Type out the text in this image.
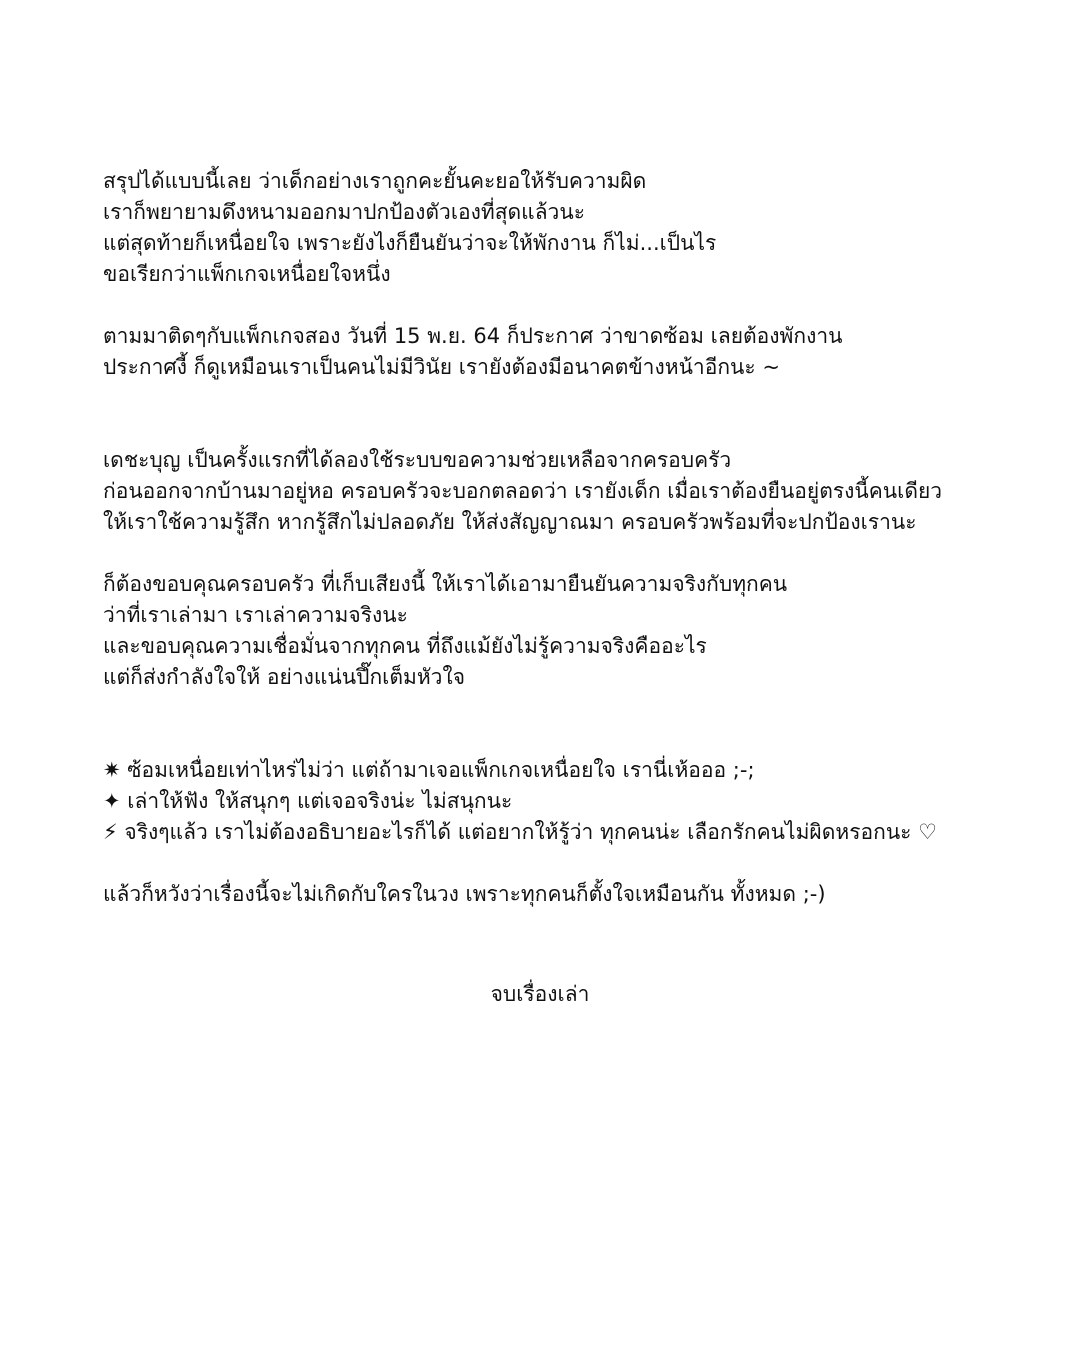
สรุปได้แบบนี้เลย ว่าเด็กอย่างเราถูกคะยั้นคะยอให้รับความผิด
เราก็พยายามดึงหนามออกมาปกป้องตัวเองที่สุดแล้วนะ
แต่สุดท้ายก็เหนื่อยใจ เพราะยังไงก็ยืนยันว่าจะให้พักงาน ก็ไม่...เป็นไร
ขอเรียกว่าแพ็กเกจเหนื่อยใจหนึ่ง
ตามมาติดๆกับแพ็กเกจสอง วันที่ 15 พ.ย. 64 ก็ประกาศ ว่าขาดซ้อม เลยต้องพักงาน
ประกาศงี้ ก็ดูเหมือนเราเป็นคนไม่มีวินัย เรายังต้องมีอนาคตข้างหน้าอีกนะ ~
เดชะบุญ เป็นครั้งแรกที่ได้ลองใช้ระบบขอความช่วยเหลือจากครอบครัว
ก่อนออกจากบ้านมาอยู่หอ ครอบครัวจะบอกตลอดว่า เรายังเด็ก เมื่อเราต้องยืนอยู่ตรงนี้คนเดียว
ให้เราใช้ความรู้สึก หากรู้สึกไม่ปลอดภัย ให้ส่งสัญญาณมา ครอบครัวพร้อมที่จะปกป้องเรานะ
ก็ต้องขอบคุณครอบครัว ที่เก็บเสียงนี้ ให้เราได้เอามายืนยันความจริงกับทุกคน
ว่าที่เราเล่ามา เราเล่าความจริงนะ
และขอบคุณความเชื่อมั่นจากทุกคน ที่ถึงแม้ยังไม่รู้ความจริงคืออะไร
แต่ก็ส่งกำลังใจให้ อย่างแน่นปึ๊กเต็มหัวใจ
✷ ซ้อมเหนื่อยเท่าไหร่ไม่ว่า แต่ถ้ามาเจอแพ็กเกจเหนื่อยใจ เรานี่เห้อออ ;-;
✦ เล่าให้ฟัง ให้สนุกๆ แต่เจอจริงน่ะ ไม่สนุกนะ
⚡ จริงๆแล้ว เราไม่ต้องอธิบายอะไรก็ได้ แต่อยากให้รู้ว่า ทุกคนน่ะ เลือกรักคนไม่ผิดหรอกนะ ♡
แล้วก็หวังว่าเรื่องนี้จะไม่เกิดกับใครในวง เพราะทุกคนก็ตั้งใจเหมือนกัน ทั้งหมด ;-)
จบเรื่องเล่า
